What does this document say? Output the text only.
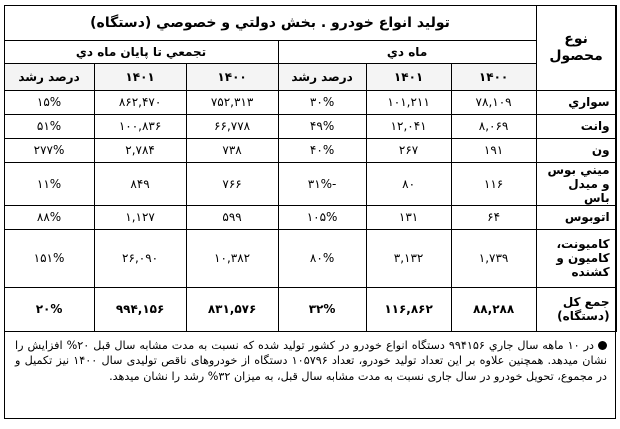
نوع محصول	تولید انواع خودرو . بخش دولتي و خصوصي (دستگاه)					
	ماه دي			تجمعي تا پايان ماه دي		
	۱۴۰۰	۱۴۰۱	درصد رشد	۱۴۰۰	۱۴۰۱	درصد رشد
سواري	۷۸,۱۰۹	۱۰۱,۲۱۱	۳۰%	۷۵۲,۳۱۳	۸۶۲,۴۷۰	۱۵%
وانت	۸,۰۶۹	۱۲,۰۴۱	۴۹%	۶۶,۷۷۸	۱۰۰,۸۳۶	۵۱%
ون	۱۹۱	۲۶۷	۴۰%	۷۳۸	۲,۷۸۴	۲۷۷%
ميني بوس و ميدل باس	۱۱۶	۸۰	-۳۱%	۷۶۶	۸۴۹	۱۱%
اتوبوس	۶۴	۱۳۱	۱۰۵%	۵۹۹	۱,۱۲۷	۸۸%
كاميونت، كاميون و كشنده	۱,۷۳۹	۳,۱۳۲	۸۰%	۱۰,۳۸۲	۲۶,۰۹۰	۱۵۱%
جمع كل (دستگاه)	۸۸,۲۸۸	۱۱۶,۸۶۲	۳۲%	۸۳۱,۵۷۶	۹۹۴,۱۵۶	۲۰%
در ۱۰ ماهه سال جاري ۹۹۴۱۵۶ دستگاه انواع خودرو در کشور تولید شده که نسبت به مدت مشابه سال قبل ۲۰% افزایش را نشان میدهد. همچنین علاوه بر این تعداد تولید خودرو، تعداد ۱۰۵۷۹۶ دستگاه از خودروهای ناقص تولیدی سال ۱۴۰۰ نیز تکمیل و در مجموع، تحویل خودرو در سال جاری نسبت به مدت مشابه سال قبل، به میزان ۳۲% رشد را نشان میدهد.
